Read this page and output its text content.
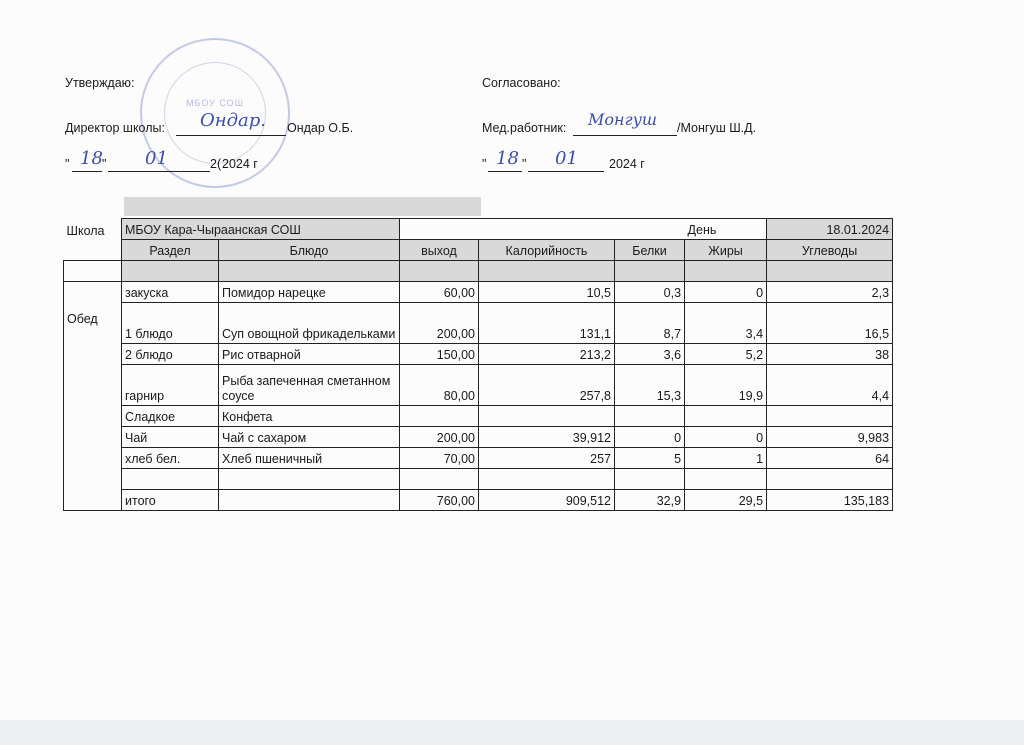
МБОУ СОШ
Утверждаю:
Директор школы: Ондар. Ондар О.Б.
" 18 " 01	2( 2024 г
Согласовано:
Мед.работник: Монгуш /Монгуш Ш.Д.
" 18 " 01 2024 г
Школа	МБОУ Кара-Чыраанская СОШ					День	18.01.2024
	Раздел	Блюдо	выход	Калорийность	Белки	Жиры	Углеводы

Обед	закуска	Помидор нарецке	60,00	10,5	0,3	0	2,3
	1 блюдо	Суп овощной фрикадельками	200,00	131,1	8,7	3,4	16,5
	2 блюдо	Рис отварной	150,00	213,2	3,6	5,2	38
	гарнир	Рыба запеченная сметанном соусе	80,00	257,8	15,3	19,9	4,4
	Сладкое	Конфета					
	Чай	Чай с сахаром	200,00	39,912	0	0	9,983
	хлеб бел.	Хлеб пшеничный	70,00	257	5	1	64

	итого		760,00	909,512	32,9	29,5	135,183
